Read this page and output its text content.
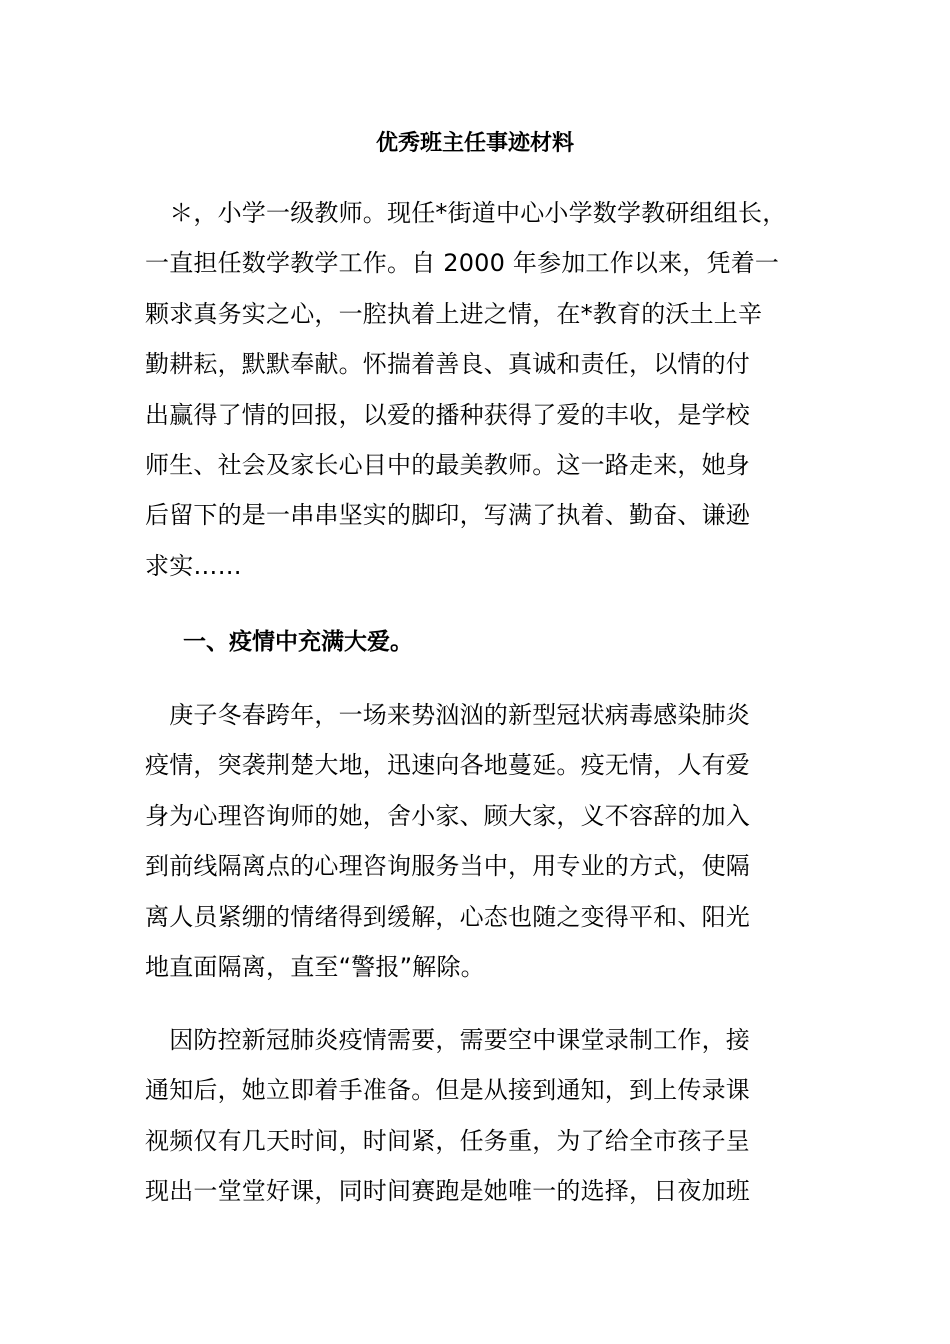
优秀班主任事迹材料
　＊，小学一级教师。现任*街道中心小学数学教研组组长，
一直担任数学教学工作。自 2000 年参加工作以来，凭着一
颗求真务实之心，一腔执着上进之情，在*教育的沃土上辛
勤耕耘，默默奉献。怀揣着善良、真诚和责任，以情的付
出赢得了情的回报，以爱的播种获得了爱的丰收，是学校
师生、社会及家长心目中的最美教师。这一路走来，她身
后留下的是一串串坚实的脚印，写满了执着、勤奋、谦逊
求实……
一、疫情中充满大爱。
　庚子冬春跨年，一场来势汹汹的新型冠状病毒感染肺炎
疫情，突袭荆楚大地，迅速向各地蔓延。疫无情，人有爱
身为心理咨询师的她，舍小家、顾大家，义不容辞的加入
到前线隔离点的心理咨询服务当中，用专业的方式，使隔
离人员紧绷的情绪得到缓解，心态也随之变得平和、阳光
地直面隔离，直至“警报”解除。
　因防控新冠肺炎疫情需要，需要空中课堂录制工作，接
通知后，她立即着手准备。但是从接到通知，到上传录课
视频仅有几天时间，时间紧，任务重，为了给全市孩子呈
现出一堂堂好课，同时间赛跑是她唯一的选择，日夜加班
